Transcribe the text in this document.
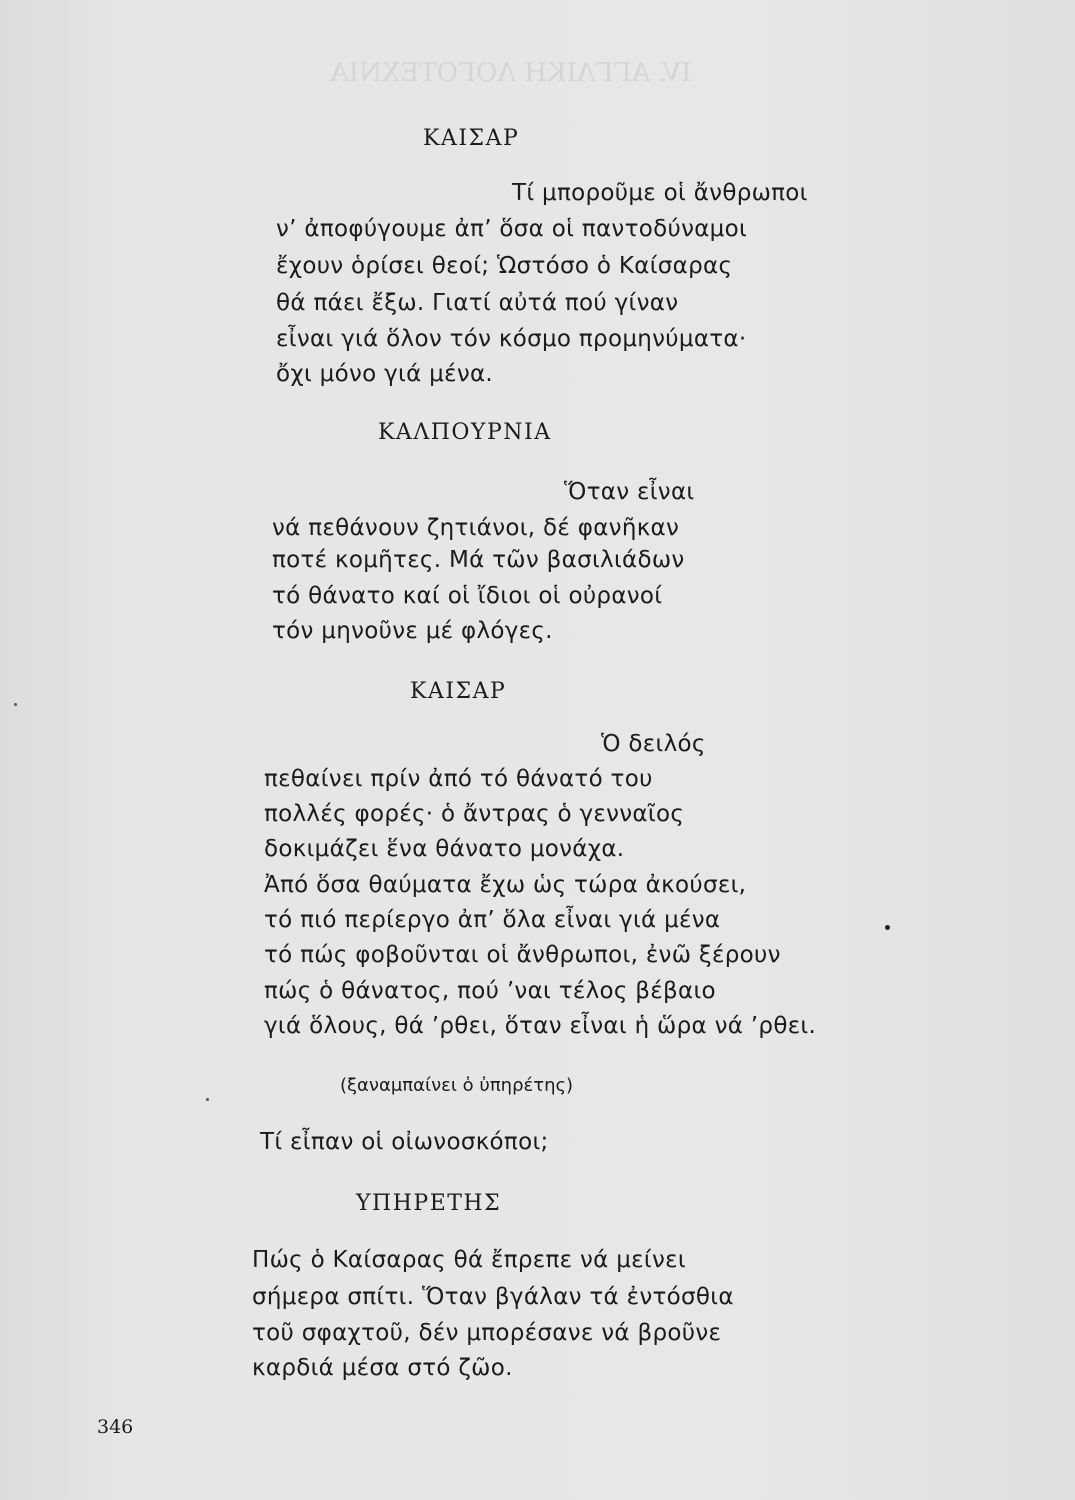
IV. ΑΓΓΛΙΚΗ ΛΟΓΟΤΕΧΝΙΑ
ΚΑΙΣΑΡ
Τί μποροῦμε οἱ ἄνθρωποι
ν’ ἀποφύγουμε ἀπ’ ὅσα οἱ παντοδύναμοι
ἔχουν ὁρίσει θεοί; Ὡστόσο ὁ Καίσαρας
θά πάει ἔξω. Γιατί αὐτά πού γίναν
εἶναι γιά ὅλον τόν κόσμο προμηνύματα·
ὄχι μόνο γιά μένα.
ΚΑΛΠΟΥΡΝΙΑ
Ὅταν εἶναι
νά πεθάνουν ζητιάνοι, δέ φανῆκαν
ποτέ κομῆτες. Μά τῶν βασιλιάδων
τό θάνατο καί οἱ ἴδιοι οἱ οὐρανοί
τόν μηνοῦνε μέ φλόγες.
ΚΑΙΣΑΡ
Ὁ δειλός
πεθαίνει πρίν ἀπό τό θάνατό του
πολλές φορές· ὁ ἄντρας ὁ γενναῖος
δοκιμάζει ἕνα θάνατο μονάχα.
Ἀπό ὅσα θαύματα ἔχω ὡς τώρα ἀκούσει,
τό πιό περίεργο ἀπ’ ὅλα εἶναι γιά μένα
τό πώς φοβοῦνται οἱ ἄνθρωποι, ἐνῶ ξέρουν
πώς ὁ θάνατος, πού ’ναι τέλος βέβαιο
γιά ὅλους, θά ’ρθει, ὅταν εἶναι ἡ ὥρα νά ’ρθει.
(ξαναμπαίνει ὁ ὑπηρέτης)
Τί εἶπαν οἱ οἰωνοσκόποι;
ΥΠΗΡΕΤΗΣ
Πώς ὁ Καίσαρας θά ἔπρεπε νά μείνει
σήμερα σπίτι. Ὅταν βγάλαν τά ἐντόσθια
τοῦ σφαχτοῦ, δέν μπορέσανε νά βροῦνε
καρδιά μέσα στό ζῶο.
346
